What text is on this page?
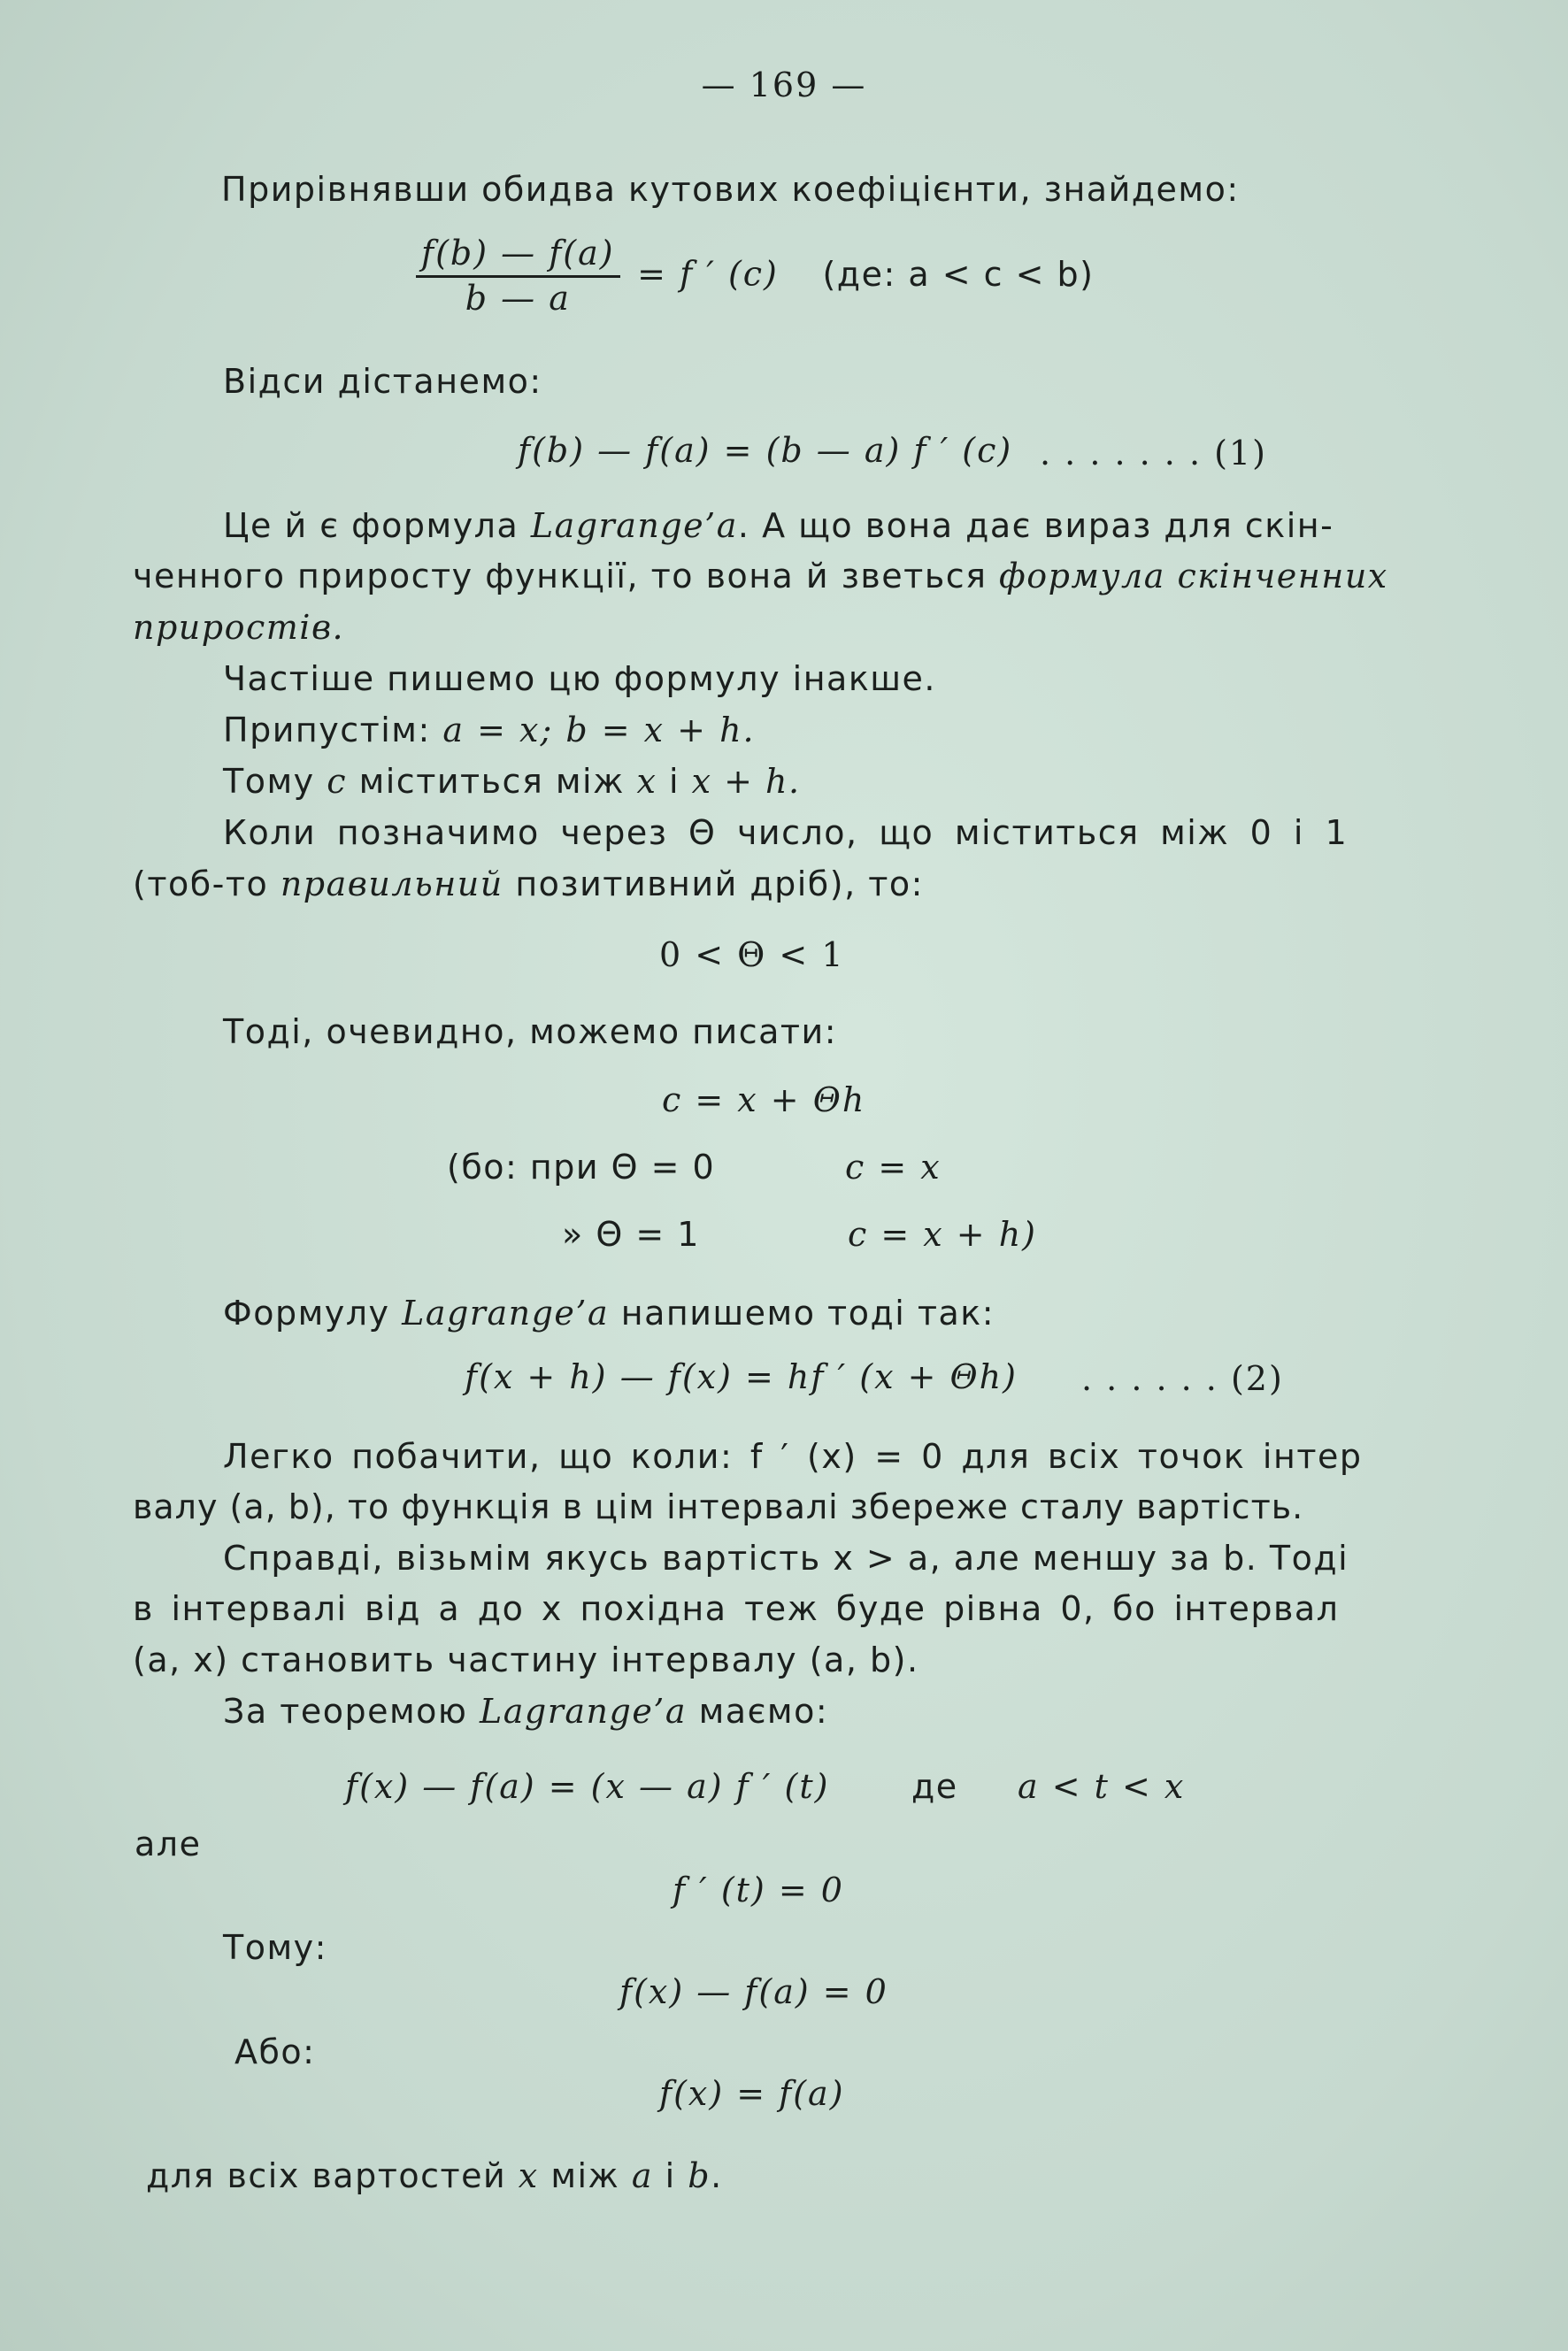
— 169 —
Прирівнявши обидва кутових коефіцієнти, знайдемо:
$\frac{f(b) — f(a)}{b — a} = f$ ′ (c) (де: a < c < b)
Відси дістанемо:
f(b) — f(a) = (b — a) f ′ (c) . . . . . . . (1)
Це й є формула Lagrange’a. А що вона дає вираз для скін-
ченного приросту функції, то вона й зветься формула скінченних
приростів.
Частіше пишемо цю формулу інакше.
Припустім: a = x; b = x + h.
Тому c міститься між x і x + h.
Коли позначимо через Θ число, що міститься між 0 і 1
(тоб-то правильний позитивний дріб), то:
0 < Θ < 1
Тоді, очевидно, можемо писати:
c = x + Θh
(бо: при Θ = 0	c = x
» Θ = 1	c = x + h)
Формулу Lagrange’a напишемо тоді так:
f(x + h) — f(x) = hf ′ (x + Θh) . . . . . . (2)
Легко побачити, що коли: f ′ (x) = 0 для всіх точок інтер
валу (a, b), то функція в цім інтервалі збереже сталу вартість.
Справді, візьмім якусь вартість x > a, але меншу за b. Тоді
в інтервалі від a до x похідна теж буде рівна 0, бо інтервал
(a, x) становить частину інтервалу (a, b).
За теоремою Lagrange’a маємо:
f(x) — f(a) = (x — a) f ′ (t) де a < t < x
але
f ′ (t) = 0
Тому:
f(x) — f(a) = 0
Або:
f(x) = f(a)
для всіх вартостей x між a і b.
